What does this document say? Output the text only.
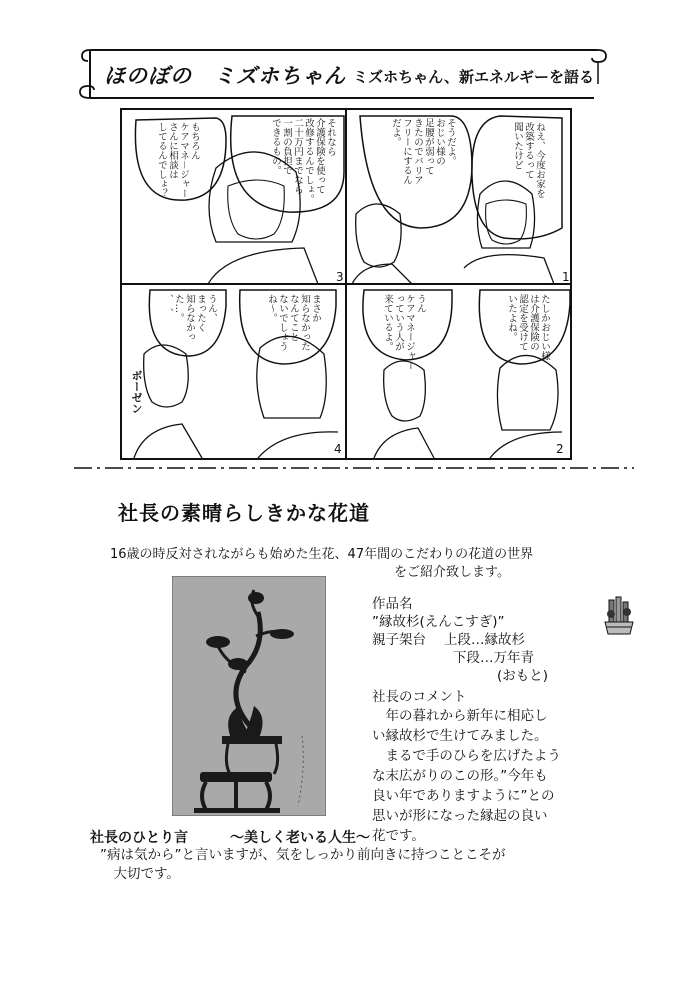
ほのぼの　ミズホちゃん ミズホちゃん、新エネルギーを語る
1
3
2
4
ねえ、今度お家を
改築するって
聞いたけど
そうだよ。
おじい様の
足腰が弱って
きたのでバリア
フリーにするん
だよ。
それなら
介護保険を使って
改修するんでしょ。
二十万円までなら
一割の負担で
できるもの。
もちろん
ケアマネ－ジャー
さんに相談は
してるんでしょ？
たしかおじい様
は介護保険の
認定を受けて
いたよね。
うん
ケアマネージャー
っていう人が
来ているよ。
まさか
知らなかった
なんてこと
ないでしょう
ね～。
うん、
まったく
知らなかっ
た…。
、　、
ボーゼン
社長の素晴らしきかな花道
16歳の時反対されながらも始めた生花、47年間のこだわりの花道の世界
をご紹介致します。
作品名
”縁故杉(えんこすぎ)”
親子架台 上段…縁故杉
下段…万年青
(おもと)
社長のコメント
　年の暮れから新年に相応し
い縁故杉で生けてみました。
　まるで手のひらを広げたよう
な末広がりのこの形。”今年も
良い年でありますように”との
思いが形になった縁起の良い
花です。
社長のひとり言	～美しく老いる人生～
”病は気から”と言いますが、気をしっかり前向きに持つことこそが
　大切です。
